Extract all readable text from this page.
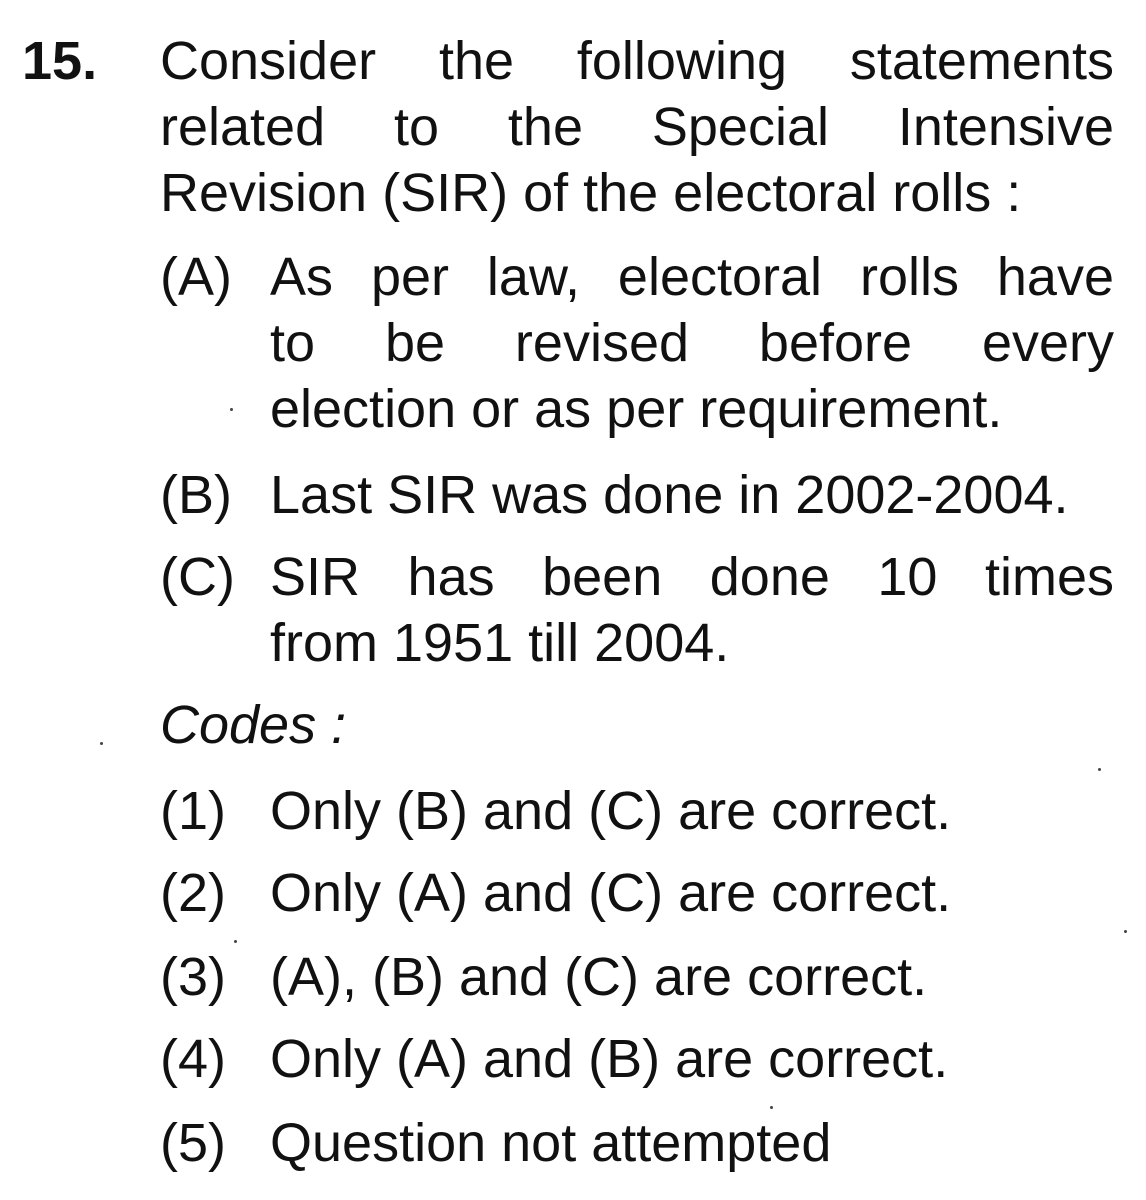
15. Consider the following statements
related to the Special Intensive
Revision (SIR) of the electoral rolls :
(A) As per law, electoral rolls have
to be revised before every
election or as per requirement.
(B) Last SIR was done in 2002-2004.
(C) SIR has been done 10 times
from 1951 till 2004.
Codes :
(1) Only (B) and (C) are correct.
(2) Only (A) and (C) are correct.
(3) (A), (B) and (C) are correct.
(4) Only (A) and (B) are correct.
(5) Question not attempted
